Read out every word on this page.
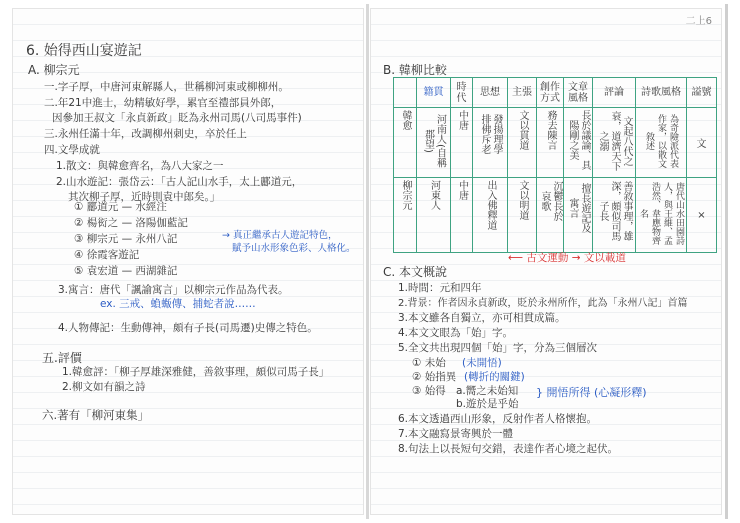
二上6
6. 始得西山宴遊記
A. 柳宗元
一.字子厚，中唐河東解縣人，世稱柳河東或柳柳州。
二.年21中進士，幼精敏好學，累官至禮部員外郎，
因參加王叔文「永貞新政」貶為永州司馬(八司馬事件)
三.永州任滿十年，改調柳州刺史，卒於任上
四.文學成就
1.散文：與韓愈齊名，為八大家之一
2.山水遊記：張岱云：「古人記山水手，太上酈道元，
其次柳子厚，近時則袁中郎矣。」
① 酈道元 — 水經注
② 楊衒之 — 洛陽伽藍記
③ 柳宗元 — 永州八記
④ 徐霞客遊記
⑤ 袁宏道 — 西湖雜記
→ 真正繼承古人遊記特色，
賦予山水形象色彩、人格化。
3.寓言：唐代「諷諭寓言」以柳宗元作品為代表。
ex. 三戒、蝜蝂傳、捕蛇者說……
4.人物傳記：生動傳神，頗有子長(司馬遷)史傳之特色。
五.評價
1.韓愈評：「柳子厚雄深雅健，善敘事理，頗似司馬子長」
2.柳文如有韻之詩
六.著有「柳河東集」
B. 韓柳比較
	籍貫	時代	思想	主張	創作方式	文章風格	評論	詩歌風格	謚號
韓愈	河南人(自稱郡望)	中唐	發揚理學排佛斥老	文以貫道	務去陳言	長於議論、具陽剛之美	文起八代之衰，道濟天下之溺	為奇險派代表作家，以散文敘述	文
柳宗元	河東人	中唐	出入佛釋道	文以明道	沉鬱長於哀歌	擅長遊記及寓言	善敘事理，雄深，頗似司馬子長	唐代山水田園詩人，與王維、孟浩然、韋應物齊名	×
⟵ 古文運動 → 文以載道
C. 本文概說
1.時間：元和四年
2.背景：作者因永貞新政，貶於永州所作，此為「永州八記」首篇
3.本文雖各自獨立，亦可相貫成篇。
4.本文文眼為「始」字。
5.全文共出現四個「始」字，分為三個層次
① 未始 (未開悟)
② 始指異 (轉折的關鍵)
③ 始得 a.嚮之未始知
b.遊於是乎始
} 開悟所得 (心凝形釋)
6.本文透過西山形象，反射作者人格懷抱。
7.本文融寫景寄興於一體
8.句法上以長短句交錯，表達作者心境之起伏。
